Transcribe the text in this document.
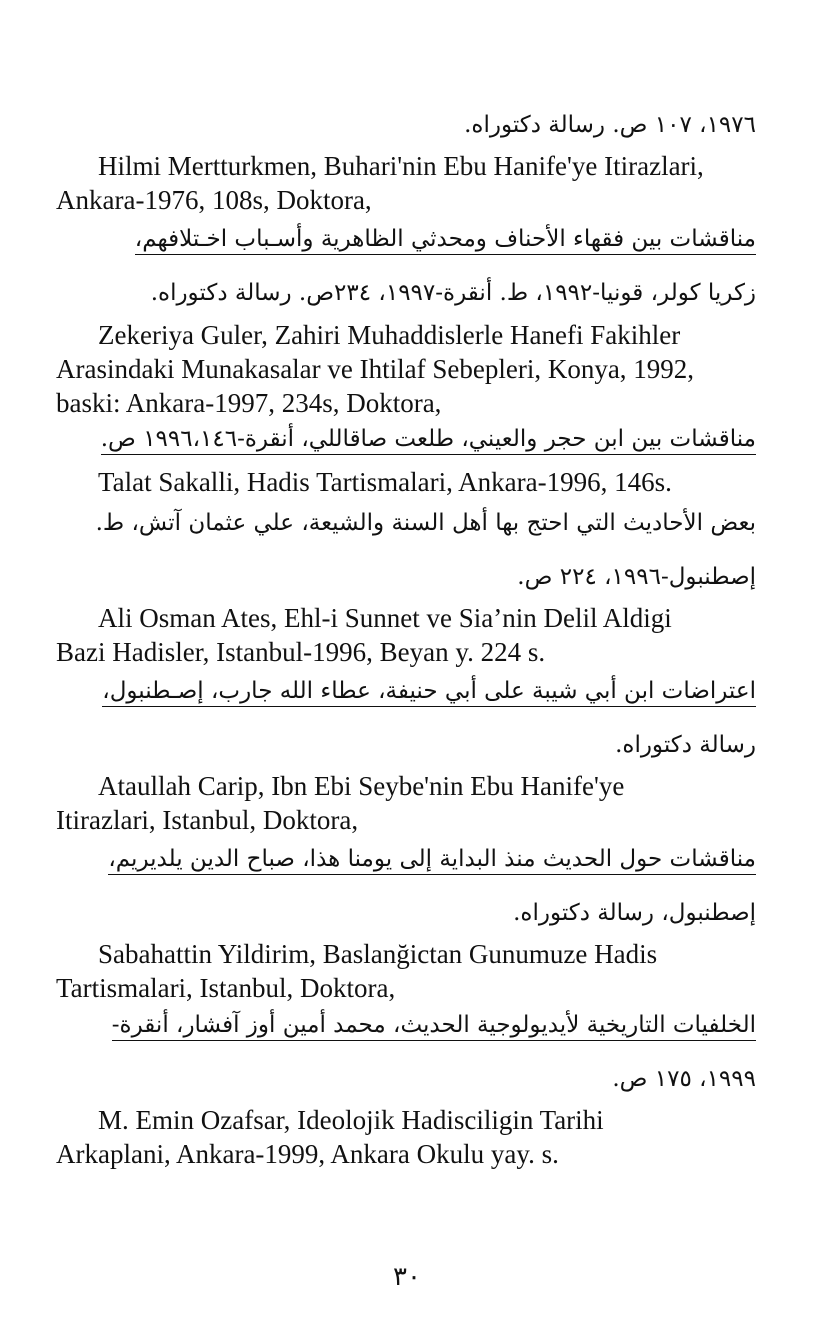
١٩٧٦، ١٠٧ ص. رسالة دكتوراه.
Hilmi Mertturkmen, Buhari'nin Ebu Hanife'ye Itirazlari,
Ankara-1976, 108s, Doktora,
مناقشات بين فقهاء الأحناف ومحدثي الظاهرية وأسـباب اخـتلافهم،
زكريا كولر، قونيا-١٩٩٢، ط. أنقرة-١٩٩٧، ٢٣٤ص. رسالة دكتوراه.
Zekeriya Guler, Zahiri Muhaddislerle Hanefi Fakihler
Arasindaki Munakasalar ve Ihtilaf Sebepleri, Konya, 1992,
baski: Ankara-1997, 234s, Doktora,
مناقشات بين ابن حجر والعيني، طلعت صاقاللي، أنقرة-١٩٩٦،١٤٦ ص.
Talat Sakalli, Hadis Tartismalari, Ankara-1996, 146s.
بعض الأحاديث التي احتج بها أهل السنة والشيعة، علي عثمان آتش، ط.
إصطنبول-١٩٩٦، ٢٢٤ ص.
Ali Osman Ates, Ehl-i Sunnet ve Sia’nin Delil Aldigi
Bazi Hadisler, Istanbul-1996, Beyan y. 224 s.
اعتراضات ابن أبي شيبة على أبي حنيفة، عطاء الله جارب، إصـطنبول،
رسالة دكتوراه.
Ataullah Carip, Ibn Ebi Seybe'nin Ebu Hanife'ye
Itirazlari, Istanbul, Doktora,
مناقشات حول الحديث منذ البداية إلى يومنا هذا، صباح الدين يلديريم،
إصطنبول، رسالة دكتوراه.
Sabahattin Yildirim, Baslanğictan Gunumuze Hadis
Tartismalari, Istanbul, Doktora,
الخلفيات التاريخية لأيديولوجية الحديث، محمد أمين أوز آفشار، أنقرة-
١٩٩٩، ١٧٥ ص.
M. Emin Ozafsar, Ideolojik Hadisciligin Tarihi
Arkaplani, Ankara-1999, Ankara Okulu yay. s.
٣٠
